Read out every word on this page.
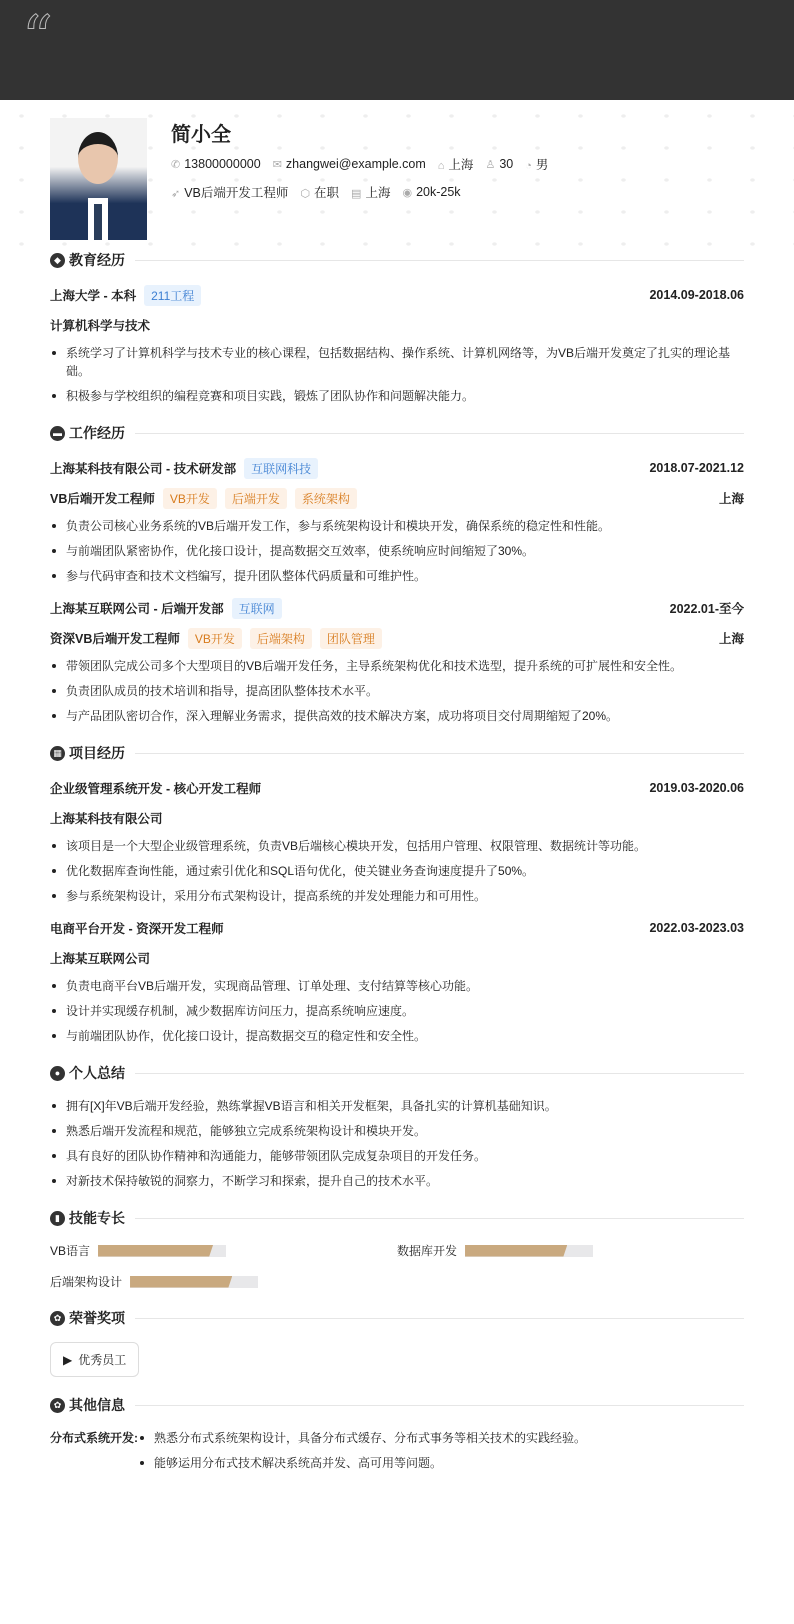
“
简小全
✆ 13800000000 ✉ zhangwei@example.com ⌂ 上海 ♙ 30 ◔ 男
➶ VB后端开发工程师 ⬡ 在职 ▤ 上海 ◉ 20k-25k
◆ 教育经历
上海大学 - 本科	211工程	2014.09-2018.06
计算机科学与技术
系统学习了计算机科学与技术专业的核心课程，包括数据结构、操作系统、计算机网络等，为VB后端开发奠定了扎实的理论基础。
积极参与学校组织的编程竞赛和项目实践，锻炼了团队协作和问题解决能力。
▬ 工作经历
上海某科技有限公司 - 技术研发部	互联网科技	2018.07-2021.12
VB后端开发工程师	VB开发	后端开发	系统架构	上海
负责公司核心业务系统的VB后端开发工作，参与系统架构设计和模块开发，确保系统的稳定性和性能。
与前端团队紧密协作，优化接口设计，提高数据交互效率，使系统响应时间缩短了30%。
参与代码审查和技术文档编写，提升团队整体代码质量和可维护性。
上海某互联网公司 - 后端开发部	互联网	2022.01-至今
资深VB后端开发工程师	VB开发	后端架构	团队管理	上海
带领团队完成公司多个大型项目的VB后端开发任务，主导系统架构优化和技术选型，提升系统的可扩展性和安全性。
负责团队成员的技术培训和指导，提高团队整体技术水平。
与产品团队密切合作，深入理解业务需求，提供高效的技术解决方案，成功将项目交付周期缩短了20%。
▦ 项目经历
企业级管理系统开发 - 核心开发工程师	2019.03-2020.06
上海某科技有限公司
该项目是一个大型企业级管理系统，负责VB后端核心模块开发，包括用户管理、权限管理、数据统计等功能。
优化数据库查询性能，通过索引优化和SQL语句优化，使关键业务查询速度提升了50%。
参与系统架构设计，采用分布式架构设计，提高系统的并发处理能力和可用性。
电商平台开发 - 资深开发工程师	2022.03-2023.03
上海某互联网公司
负责电商平台VB后端开发，实现商品管理、订单处理、支付结算等核心功能。
设计并实现缓存机制，减少数据库访问压力，提高系统响应速度。
与前端团队协作，优化接口设计，提高数据交互的稳定性和安全性。
● 个人总结
拥有[X]年VB后端开发经验，熟练掌握VB语言和相关开发框架，具备扎实的计算机基础知识。
熟悉后端开发流程和规范，能够独立完成系统架构设计和模块开发。
具有良好的团队协作精神和沟通能力，能够带领团队完成复杂项目的开发任务。
对新技术保持敏锐的洞察力，不断学习和探索，提升自己的技术水平。
▮ 技能专长
VB语言	数据库开发
后端架构设计
✿ 荣誉奖项
▶ 优秀员工
✿ 其他信息
分布式系统开发:	熟悉分布式系统架构设计，具备分布式缓存、分布式事务等相关技术的实践经验。
能够运用分布式技术解决系统高并发、高可用等问题。
